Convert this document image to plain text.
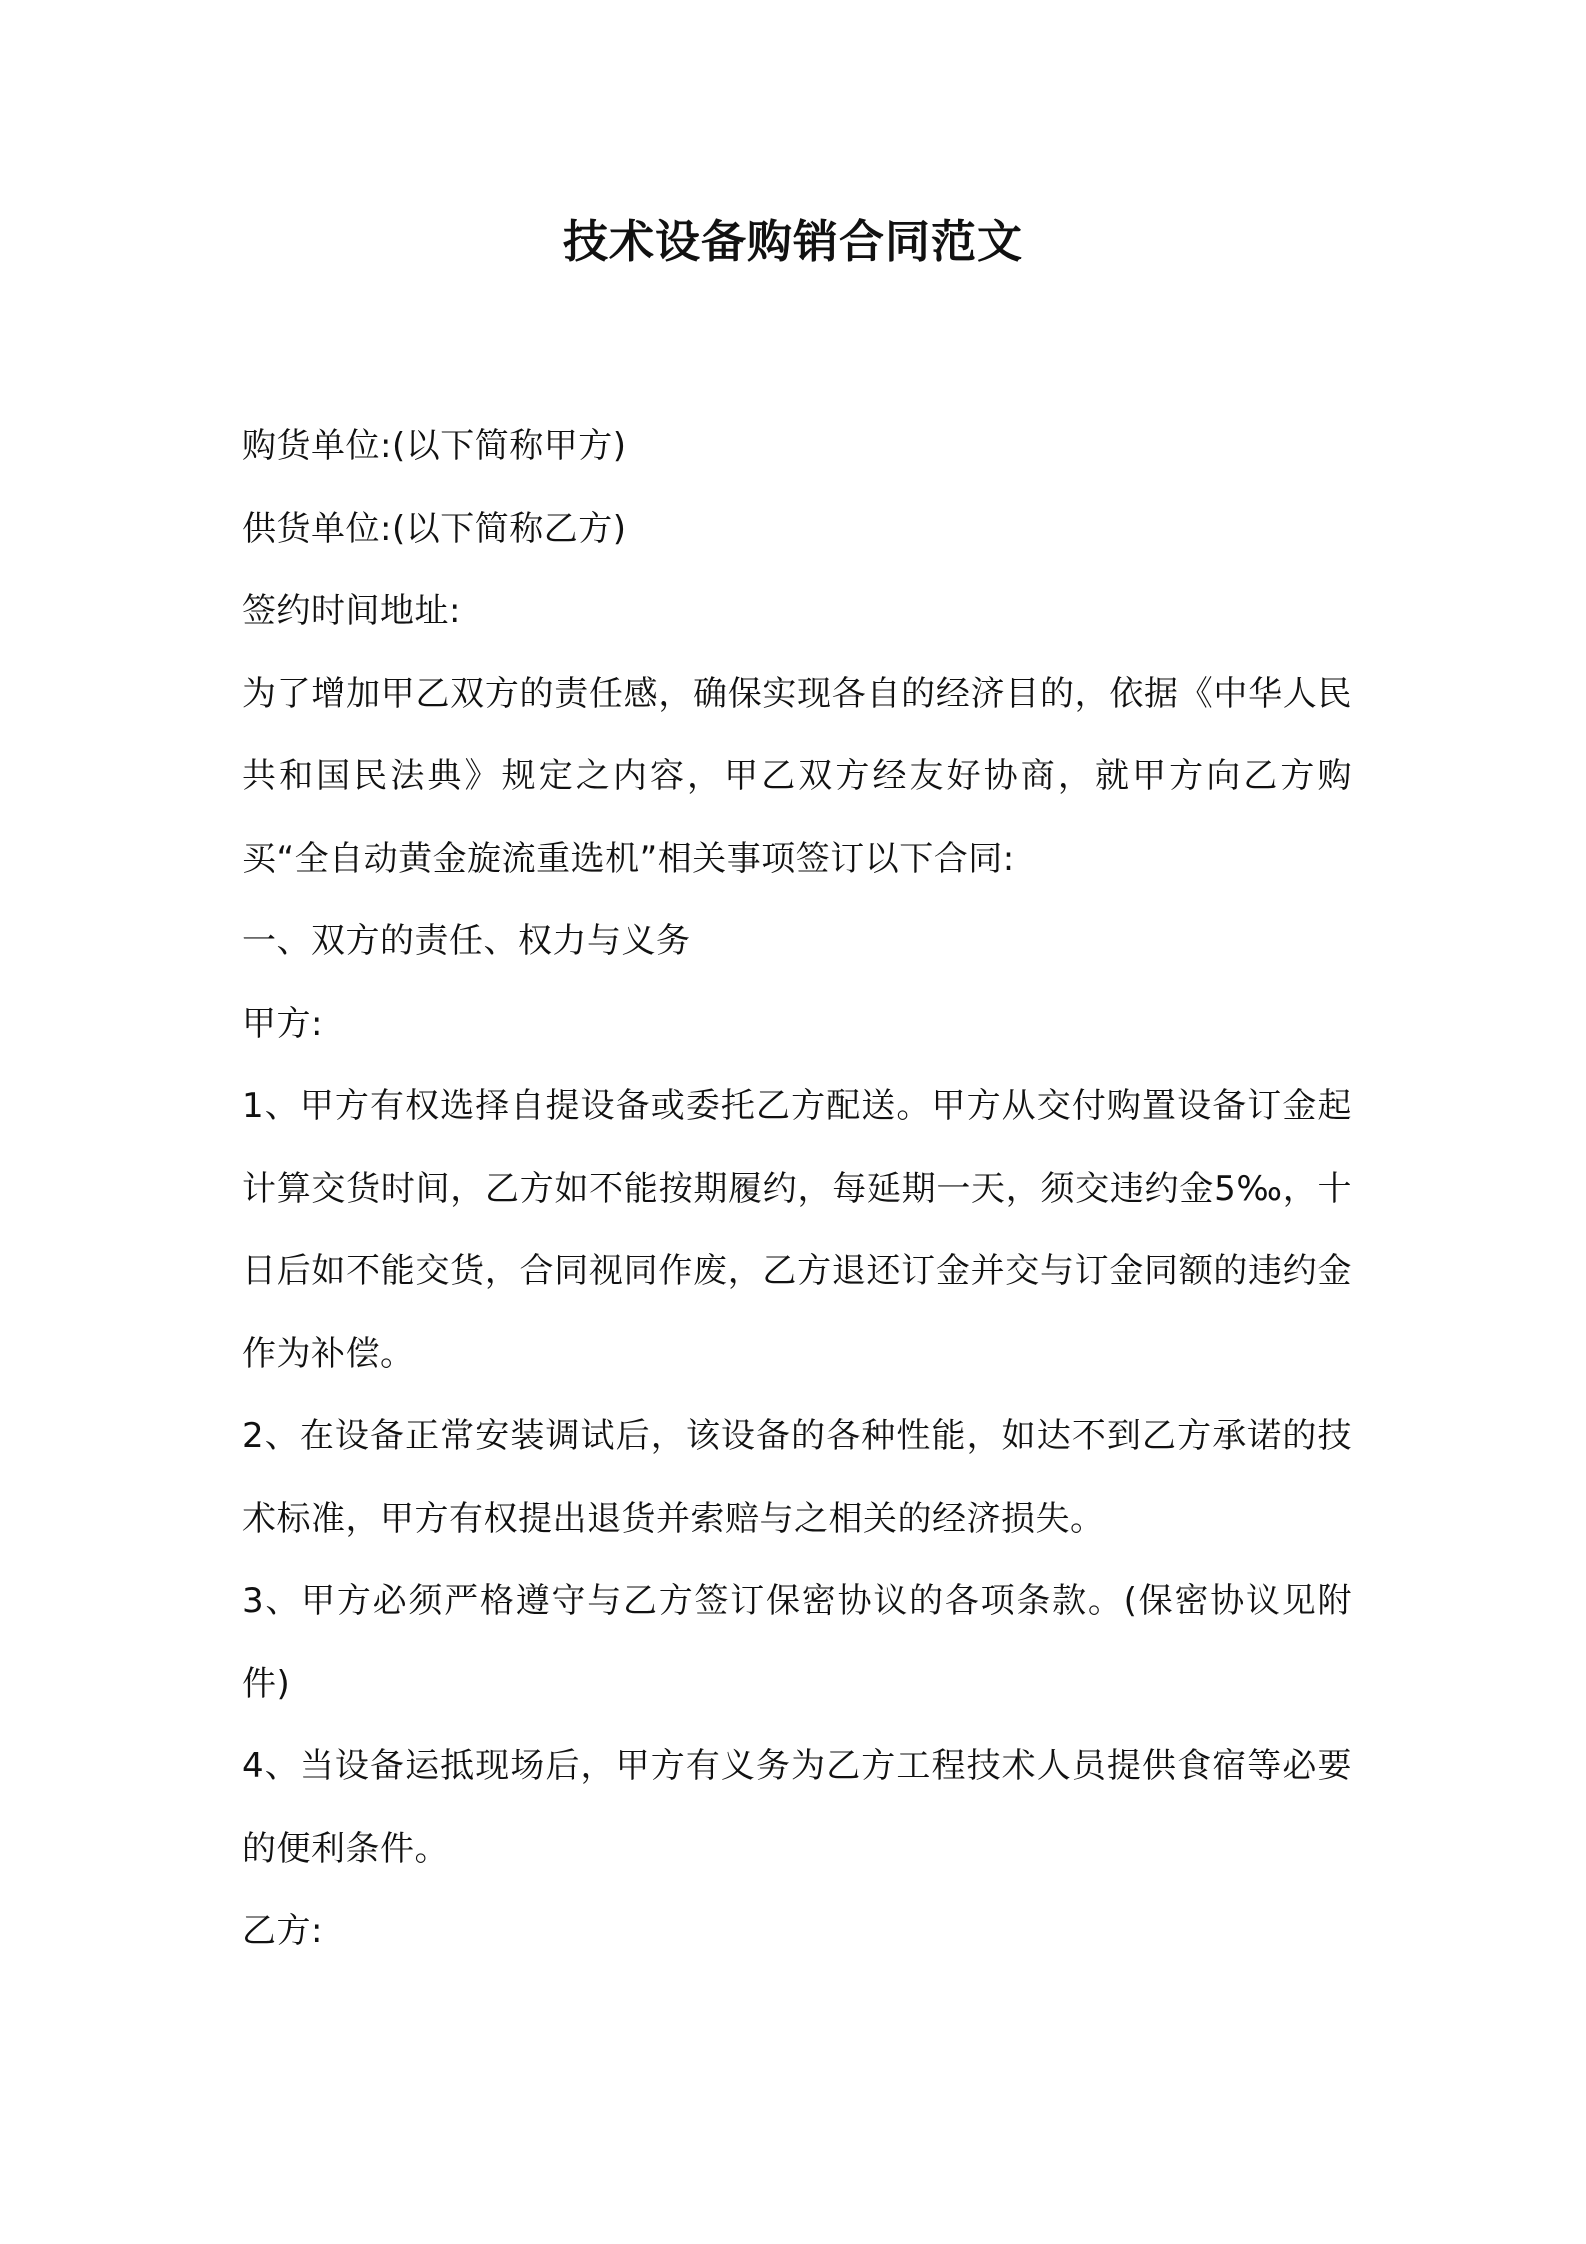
技术设备购销合同范文

购货单位:(以下简称甲方)

供货单位:(以下简称乙方)

签约时间地址:

为了增加甲乙双方的责任感，确保实现各自的经济目的，依据《中华人民共和国民法典》规定之内容，甲乙双方经友好协商，就甲方向乙方购买“全自动黄金旋流重选机”相关事项签订以下合同:

一、双方的责任、权力与义务

甲方:

1、甲方有权选择自提设备或委托乙方配送。甲方从交付购置设备订金起计算交货时间，乙方如不能按期履约，每延期一天，须交违约金5‰，十日后如不能交货，合同视同作废，乙方退还订金并交与订金同额的违约金作为补偿。

2、在设备正常安装调试后，该设备的各种性能，如达不到乙方承诺的技术标准，甲方有权提出退货并索赔与之相关的经济损失。

3、甲方必须严格遵守与乙方签订保密协议的各项条款。(保密协议见附件)

4、当设备运抵现场后，甲方有义务为乙方工程技术人员提供食宿等必要的便利条件。

乙方:
